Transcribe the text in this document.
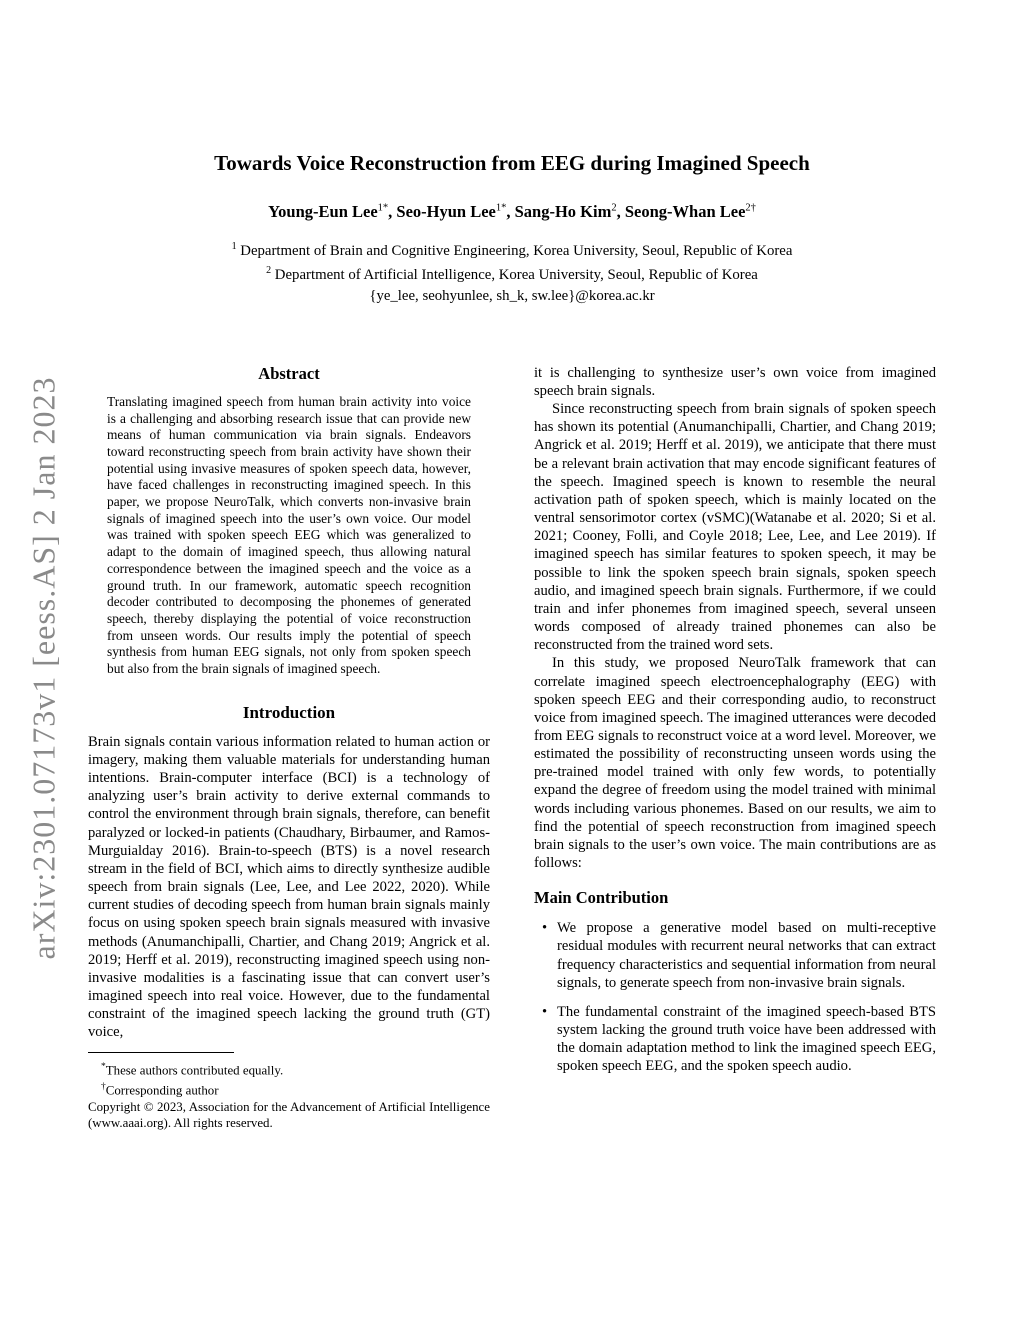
arXiv:2301.07173v1 [eess.AS] 2 Jan 2023
Towards Voice Reconstruction from EEG during Imagined Speech
Young-Eun Lee$^{1*}$, Seo-Hyun Lee$^{1*}$, Sang-Ho Kim$^2$, Seong-Whan Lee$^{2\dagger}$
$^1$ Department of Brain and Cognitive Engineering, Korea University, Seoul, Republic of Korea
$^2$ Department of Artificial Intelligence, Korea University, Seoul, Republic of Korea
{ye_lee, seohyunlee, sh_k, sw.lee}@korea.ac.kr
Abstract
Translating imagined speech from human brain activity into voice is a challenging and absorbing research issue that can provide new means of human communication via brain signals. Endeavors toward reconstructing speech from brain activity have shown their potential using invasive measures of spoken speech data, however, have faced challenges in reconstructing imagined speech. In this paper, we propose NeuroTalk, which converts non-invasive brain signals of imagined speech into the user’s own voice. Our model was trained with spoken speech EEG which was generalized to adapt to the domain of imagined speech, thus allowing natural correspondence between the imagined speech and the voice as a ground truth. In our framework, automatic speech recognition decoder contributed to decomposing the phonemes of generated speech, thereby displaying the potential of voice reconstruction from unseen words. Our results imply the potential of speech synthesis from human EEG signals, not only from spoken speech but also from the brain signals of imagined speech.
Introduction

Brain signals contain various information related to human action or imagery, making them valuable materials for understanding human intentions. Brain-computer interface (BCI) is a technology of analyzing user’s brain activity to derive external commands to control the environment through brain signals, therefore, can benefit paralyzed or locked-in patients (Chaudhary, Birbaumer, and Ramos-Murguialday 2016). Brain-to-speech (BTS) is a novel research stream in the field of BCI, which aims to directly synthesize audible speech from brain signals (Lee, Lee, and Lee 2022, 2020). While current studies of decoding speech from human brain signals mainly focus on using spoken speech brain signals measured with invasive methods (Anumanchipalli, Chartier, and Chang 2019; Angrick et al. 2019; Herff et al. 2019), reconstructing imagined speech using non-invasive modalities is a fascinating issue that can convert user’s imagined speech into real voice. However, due to the fundamental constraint of the imagined speech lacking the ground truth (GT) voice,

*These authors contributed equally.
†Corresponding author
Copyright © 2023, Association for the Advancement of Artificial Intelligence (www.aaai.org). All rights reserved.

it is challenging to synthesize user’s own voice from imagined speech brain signals.

Since reconstructing speech from brain signals of spoken speech has shown its potential (Anumanchipalli, Chartier, and Chang 2019; Angrick et al. 2019; Herff et al. 2019), we anticipate that there must be a relevant brain activation that may encode significant features of the speech. Imagined speech is known to resemble the neural activation path of spoken speech, which is mainly located on the ventral sensorimotor cortex (vSMC)(Watanabe et al. 2020; Si et al. 2021; Cooney, Folli, and Coyle 2018; Lee, Lee, and Lee 2019). If imagined speech has similar features to spoken speech, it may be possible to link the spoken speech brain signals, spoken speech audio, and imagined speech brain signals. Furthermore, if we could train and infer phonemes from imagined speech, several unseen words composed of already trained phonemes can also be reconstructed from the trained word sets.

In this study, we proposed NeuroTalk framework that can correlate imagined speech electroencephalography (EEG) with spoken speech EEG and their corresponding audio, to reconstruct voice from imagined speech. The imagined utterances were decoded from EEG signals to reconstruct voice at a word level. Moreover, we estimated the possibility of reconstructing unseen words using the pre-trained model trained with only few words, to potentially expand the degree of freedom using the model trained with minimal words including various phonemes. Based on our results, we aim to find the potential of speech reconstruction from imagined speech brain signals to the user’s own voice. The main contributions are as follows:

Main Contribution
• We propose a generative model based on multi-receptive residual modules with recurrent neural networks that can extract frequency characteristics and sequential information from neural signals, to generate speech from non-invasive brain signals.
• The fundamental constraint of the imagined speech-based BTS system lacking the ground truth voice have been addressed with the domain adaptation method to link the imagined speech EEG, spoken speech EEG, and the spoken speech audio.
